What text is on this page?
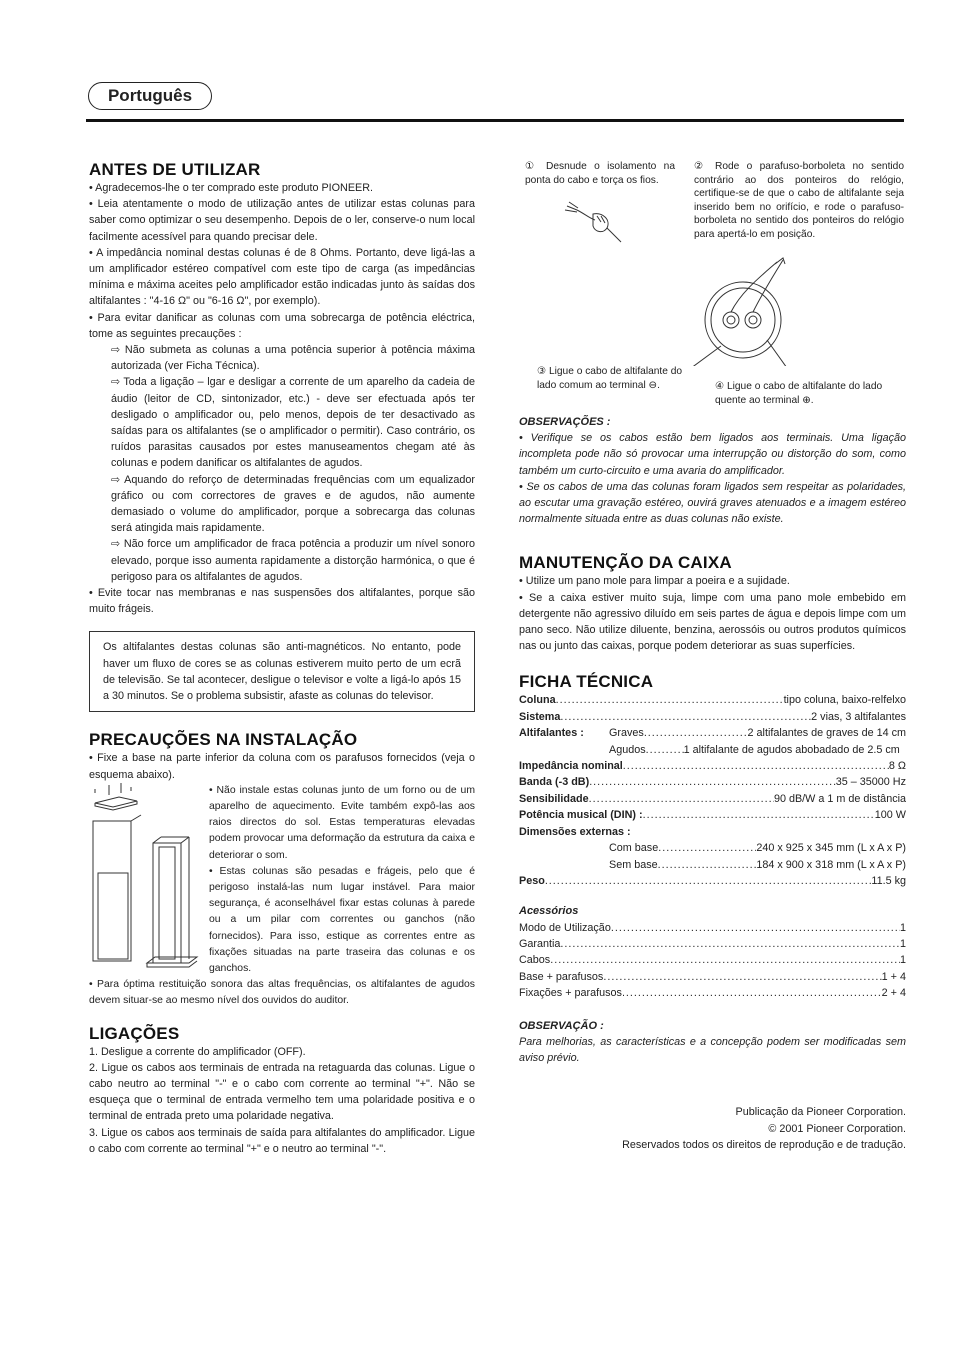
Português
ANTES DE UTILIZAR

• Agradecemos-lhe o ter comprado este produto PIONEER.

• Leia atentamente o modo de utilização antes de utilizar estas colunas para saber como optimizar o seu desempenho. Depois de o ler, conserve-o num local facilmente acessível para quando precisar dele.

• A impedância nominal destas colunas é de 8 Ohms. Portanto, deve ligá-las a um amplificador estéreo compatível com este tipo de carga (as impedâncias mínima e máxima aceites pelo amplificador estão indicadas junto às saídas dos altifalantes : "4-16 Ω" ou "6-16 Ω", por exemplo).

• Para evitar danificar as colunas com uma sobrecarga de potência eléctrica, tome as seguintes precauções :

⇨ Não submeta as colunas a uma potência superior à potência máxima autorizada (ver Ficha Técnica).

⇨ Toda a ligação – lgar e desligar a corrente de um aparelho da cadeia de áudio (leitor de CD, sintonizador, etc.) - deve ser efectuada após ter desligado o amplificador ou, pelo menos, depois de ter desactivado as saídas para os altifalantes (se o amplificador o permitir). Caso contrário, os ruídos parasitas causados por estes manuseamentos chegam até às colunas e podem danificar os altifalantes de agudos.

⇨ Aquando do reforço de determinadas frequências com um equalizador gráfico ou com correctores de graves e de agudos, não aumente demasiado o volume do amplificador, porque a sobrecarga das colunas será atingida mais rapidamente.

⇨ Não force um amplificador de fraca potência a produzir um nível sonoro elevado, porque isso aumenta rapidamente a distorção harmónica, o que é perigoso para os altifalantes de agudos.

• Evite tocar nas membranas e nas suspensões dos altifalantes, porque são muito frágeis.

Os altifalantes destas colunas são anti-magnéticos. No entanto, pode haver um fluxo de cores se as colunas estiverem muito perto de um ecrã de televisão. Se tal acontecer, desligue o televisor e volte a ligá-lo após 15 a 30 minutos. Se o problema subsistir, afaste as colunas do televisor.
PRECAUÇÕES NA INSTALAÇÃO

• Fixe a base na parte inferior da coluna com os parafusos fornecidos (veja o esquema abaixo).

• Não instale estas colunas junto de um forno ou de um aparelho de aquecimento. Evite também expô-las aos raios directos do sol. Estas temperaturas elevadas podem provocar uma deformação da estrutura da caixa e deteriorar o som.

• Estas colunas são pesadas e frágeis, pelo que é perigoso instalá-las num lugar instável. Para maior segurança, é aconselhável fixar estas colunas à parede ou a um pilar com correntes ou ganchos (não fornecidos). Para isso, estique as correntes entre as fixações situadas na parte traseira das colunas e os ganchos.

• Para óptima restituição sonora das altas frequências, os altifalantes de agudos devem situar-se ao mesmo nível dos ouvidos do auditor.

LIGAÇÕES

1. Desligue a corrente do amplificador (OFF).

2. Ligue os cabos aos terminais de entrada na retaguarda das colunas. Ligue o cabo neutro ao terminal "-" e o cabo com corrente ao terminal "+". Não se esqueça que o terminal de entrada vermelho tem uma polaridade positiva e o terminal de entrada preto uma polaridade negativa.

3. Ligue os cabos aos terminais de saída para altifalantes do amplificador. Ligue o cabo com corrente ao terminal "+" e o neutro ao terminal "-".

① Desnude o isolamento na ponta do cabo e torça os fios.
② Rode o parafuso-borboleta no sentido contrário ao dos ponteiros do relógio, certifique-se de que o cabo de altifalante seja inserido bem no orifício, e rode o parafuso-borboleta no sentido dos ponteiros do relógio para apertá-lo em posição.
③ Ligue o cabo de altifalante do lado comum ao terminal ⊖.	④ Ligue o cabo de altifalante do lado quente ao terminal ⊕.
OBSERVAÇÕES :

• Verifique se os cabos estão bem ligados aos terminais. Uma ligação incompleta pode não só provocar uma interrupção ou distorção do som, como também um curto-circuito e uma avaria do amplificador.

• Se os cabos de uma das colunas foram ligados sem respeitar as polaridades, ao escutar uma gravação estéreo, ouvirá graves atenuados e a imagem estéreo normalmente situada entre as duas colunas não existe.

MANUTENÇÃO DA CAIXA

• Utilize um pano mole para limpar a poeira e a sujidade.

• Se a caixa estiver muito suja, limpe com uma pano mole embebido em detergente não agressivo diluído em seis partes de água e depois limpe com um pano seco. Não utilize diluente, benzina, aerossóis ou outros produtos químicos nas ou junto das caixas, porque podem deteriorar as suas superfícies.

FICHA TÉCNICA
Coluna .....	tipo coluna, baixo-relfelxo
Sistema .....	2 vias, 3 altifalantes
Altifalantes :	Graves .....	2 altifalantes de graves de 14 cm
Agudos .....	1 altifalante de agudos abobadado de 2.5 cm
Impedância nominal .....	8 Ω
Banda (-3 dB) .....	35 – 35000 Hz
Sensibilidade .....	90 dB/W a 1 m de distância
Potência musical (DIN) : .....	100 W
Dimensões externas :
Com base .....	240 x 925 x 345 mm (L x A x P)
Sem base .....	184 x 900 x 318 mm (L x A x P)
Peso .....	11.5 kg
Acessórios
Modo de Utilização .....	1
Garantia .....	1
Cabos .....	1
Base + parafusos .....	1 + 4
Fixações + parafusos .....	2 + 4
OBSERVAÇÃO :

Para melhorias, as características e a concepção podem ser modificadas sem aviso prévio.

Publicação da Pioneer Corporation.
© 2001 Pioneer Corporation.
Reservados todos os direitos de reprodução e de tradução.
